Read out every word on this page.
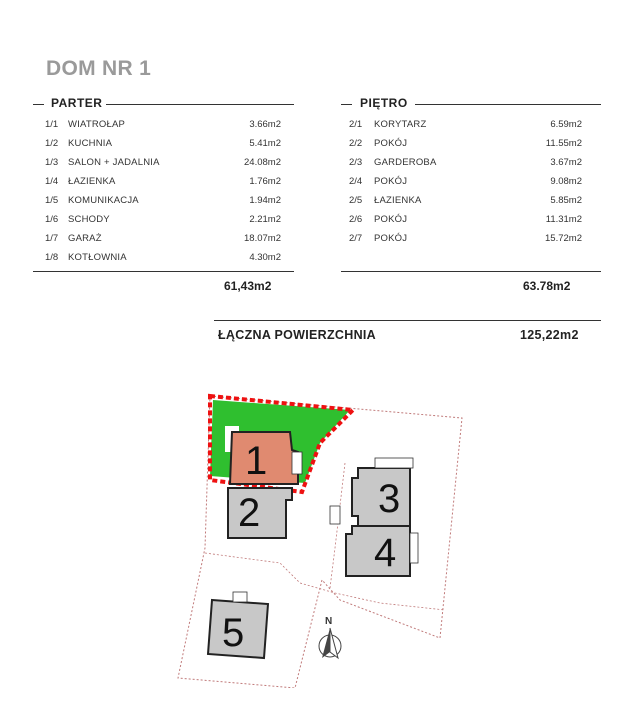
DOM NR 1
PARTER
1/1 WIATROŁAP	3.66m2
1/2 KUCHNIA	5.41m2
1/3 SALON + JADALNIA	24.08m2
1/4 ŁAZIENKA	1.76m2
1/5 KOMUNIKACJA	1.94m2
1/6 SCHODY	2.21m2
1/7 GARAŻ	18.07m2
1/8 KOTŁOWNIA	4.30m2
PIĘTRO
2/1 KORYTARZ	6.59m2
2/2 POKÓJ	11.55m2
2/3 GARDEROBA	3.67m2
2/4 POKÓJ	9.08m2
2/5 ŁAZIENKA	5.85m2
2/6 POKÓJ	11.31m2
2/7 POKÓJ	15.72m2
61,43m2	63.78m2
ŁĄCZNA POWIERZCHNIA	125,22m2
1
2	3
4
5	N
